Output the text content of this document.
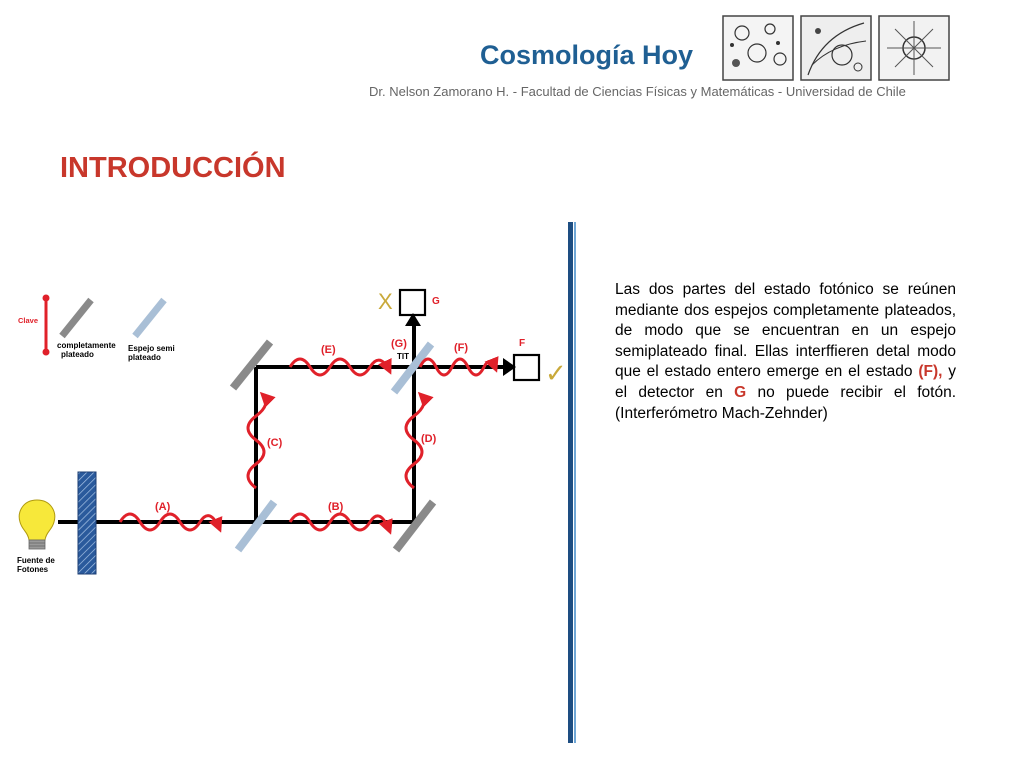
Cosmología Hoy
Dr. Nelson Zamorano H. - Facultad de Ciencias Físicas y Matemáticas - Universidad de Chile
INTRODUCCIÓN
Clave
completamente
plateado
Espejo semi
plateado
Fuente de
Fotones
G
X
F
✓
(A)	(B)
(C)	(D)
(E)	(F)
(G)
TIT
Las dos partes del estado fotónico se reúnen mediante dos espejos completamente plateados, de modo que se encuentran en un espejo semiplateado final. Ellas interffieren detal modo que el estado entero emerge en el estado (F), y el detector en G no puede recibir el fotón. (Interferómetro Mach-Zehnder)
